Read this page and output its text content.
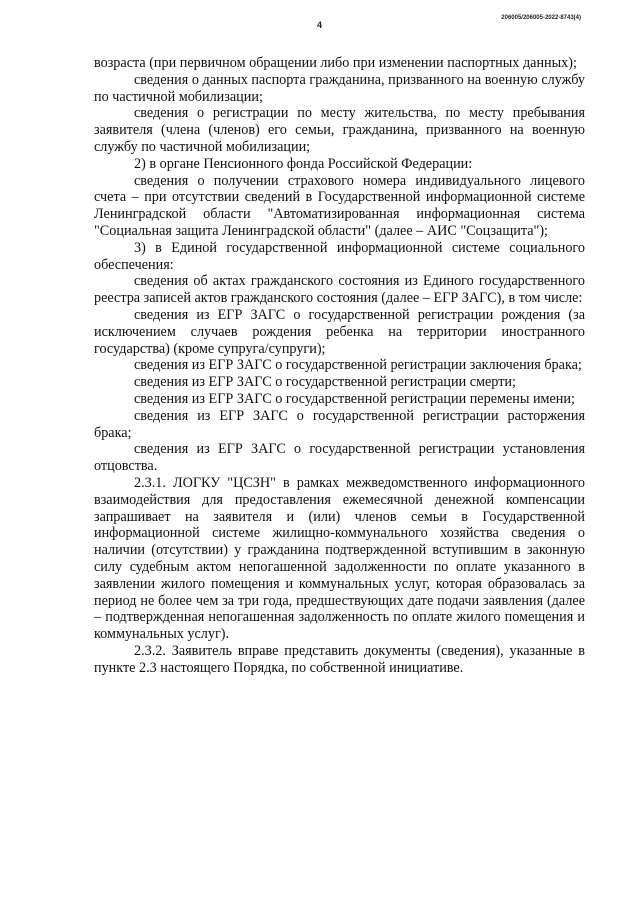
4
206005/206005-2022-8743(4)

возраста (при первичном обращении либо при изменении паспортных данных);

сведения о данных паспорта гражданина, призванного на военную службу по частичной мобилизации;

сведения о регистрации по месту жительства, по месту пребывания заявителя (члена (членов) его семьи, гражданина, призванного на военную службу по частичной мобилизации;

2) в органе Пенсионного фонда Российской Федерации:

сведения о получении страхового номера индивидуального лицевого счета – при отсутствии сведений в Государственной информационной системе Ленинградской области "Автоматизированная информационная система "Социальная защита Ленинградской области" (далее – АИС "Соцзащита");

3) в Единой государственной информационной системе социального обеспечения:

сведения об актах гражданского состояния из Единого государственного реестра записей актов гражданского состояния (далее – ЕГР ЗАГС), в том числе:

сведения из ЕГР ЗАГС о государственной регистрации рождения (за исключением случаев рождения ребенка на территории иностранного государства) (кроме супруга/супруги);

сведения из ЕГР ЗАГС о государственной регистрации заключения брака;

сведения из ЕГР ЗАГС о государственной регистрации смерти;

сведения из ЕГР ЗАГС о государственной регистрации перемены имени;

сведения из ЕГР ЗАГС о государственной регистрации расторжения брака;

сведения из ЕГР ЗАГС о государственной регистрации установления отцовства.

2.3.1. ЛОГКУ "ЦСЗН" в рамках межведомственного информационного взаимодействия для предоставления ежемесячной денежной компенсации запрашивает на заявителя и (или) членов семьи в Государственной информационной системе жилищно-коммунального хозяйства сведения о наличии (отсутствии) у гражданина подтвержденной вступившим в законную силу судебным актом непогашенной задолженности по оплате указанного в заявлении жилого помещения и коммунальных услуг, которая образовалась за период не более чем за три года, предшествующих дате подачи заявления (далее – подтвержденная непогашенная задолженность по оплате жилого помещения и коммунальных услуг).

2.3.2. Заявитель вправе представить документы (сведения), указанные в пункте 2.3 настоящего Порядка, по собственной инициативе.
